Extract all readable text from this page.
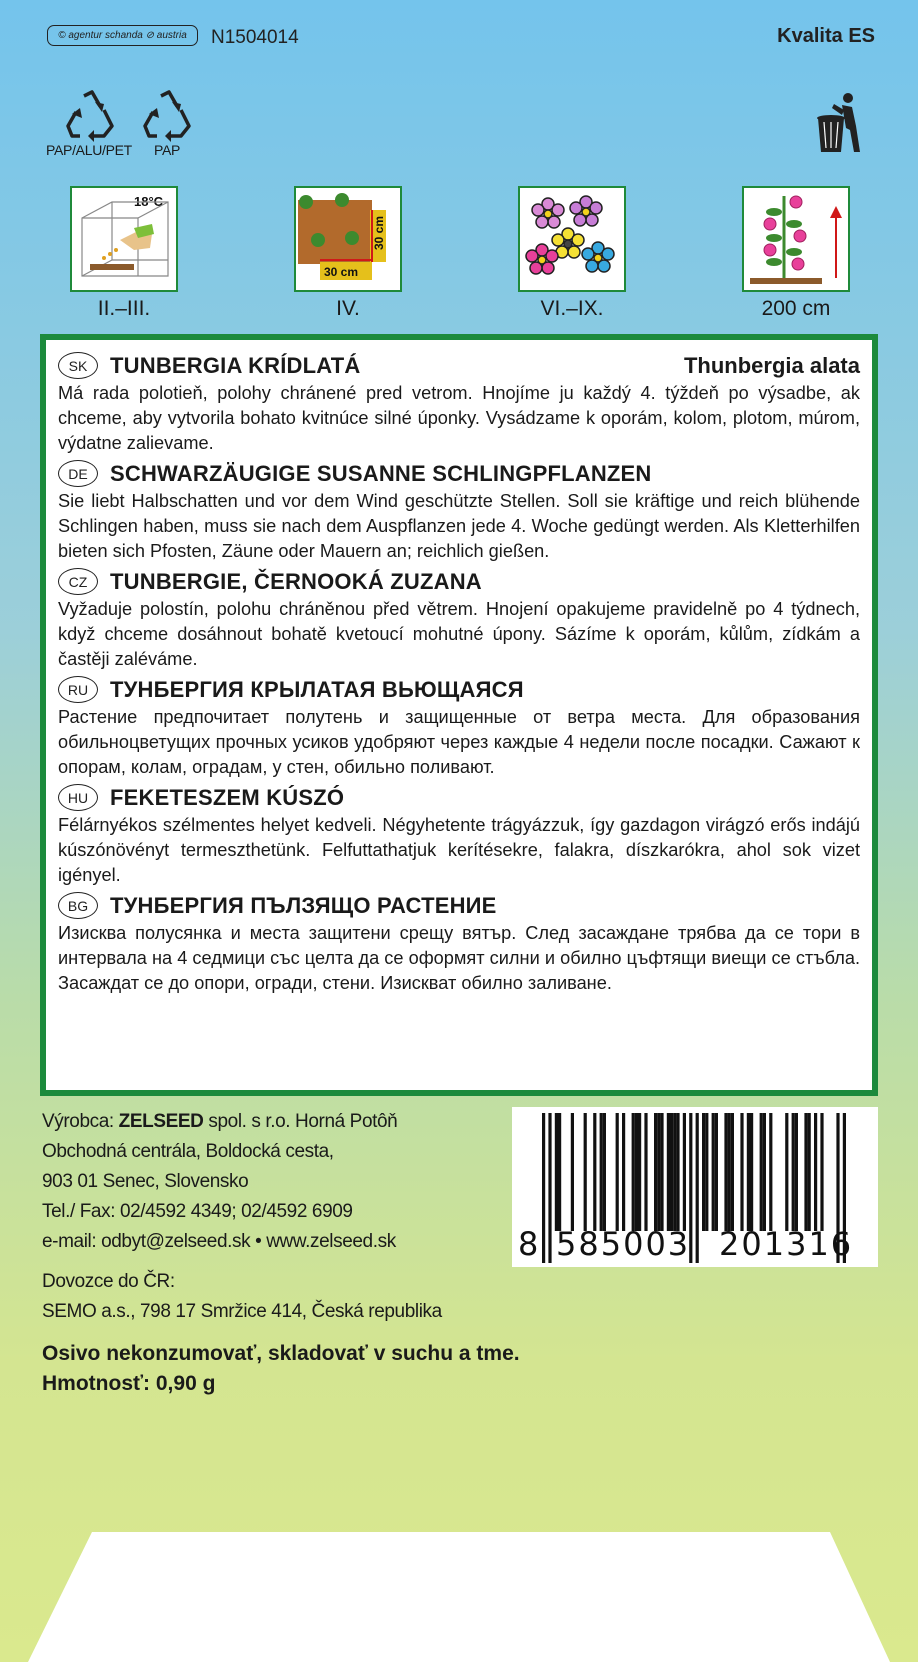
© agentur schanda ⊘ austria N1504014	Kvalita ES
PAP/ALU/PET PAP
18°C
30 cm
30 cm
II.–III.	IV.	VI.–IX.	200 cm
SK	TUNBERGIA KRÍDLATÁ	Thunbergia alata
Má rada polotieň, polohy chránené pred vetrom. Hnojíme ju každý 4. týždeň po výsadbe, ak chceme, aby vytvorila bohato kvitnúce silné úponky. Vysádzame k oporám, kolom, plotom, múrom, výdatne zalievame.
DE	SCHWARZÄUGIGE SUSANNE SCHLINGPFLANZEN
Sie liebt Halbschatten und vor dem Wind geschützte Stellen. Soll sie kräftige und reich blühende Schlingen haben, muss sie nach dem Auspflanzen jede 4. Woche gedüngt werden. Als Kletterhilfen bieten sich Pfosten, Zäune oder Mauern an; reichlich gießen.
CZ	TUNBERGIE, ČERNOOKÁ ZUZANA
Vyžaduje polostín, polohu chráněnou před větrem. Hnojení opakujeme pravidelně po 4 týdnech, když chceme dosáhnout bohatě kvetoucí mohutné úpony. Sázíme k oporám, kůlům, zídkám a častěji zaléváme.
RU ТУНБЕРГИЯ КРЫЛАТАЯ ВЬЮЩАЯСЯ
Растение предпочитает полутень и защищенные от ветра места. Для образования обильноцветущих прочных усиков удобряют через каждые 4 недели после посадки. Сажают к опорам, колам, оградам, у стен, обильно поливают.
HU FEKETESZEM KÚSZÓ
Félárnyékos szélmentes helyet kedveli. Négyhetente trágyázzuk, így gazdagon virágzó erős indájú kúszónövényt termeszthetünk. Felfuttathatjuk kerítésekre, falakra, díszkarókra, ahol sok vizet igényel.
BG ТУНБЕРГИЯ ПЪЛЗЯЩО РАСТЕНИЕ
Изисква полусянка и места защитени срещу вятър. След засаждане трябва да се тори в интервала на 4 седмици със целта да се оформят силни и обилно цъфтящи виещи се стъбла. Засаждат се до опори, огради, стени. Изискват обилно заливане.
Výrobca: ZELSEED spol. s r.o. Horná Potôň
Obchodná centrála, Boldocká cesta,
903 01 Senec, Slovensko
Tel./ Fax: 02/4592 4349; 02/4592 6909
e-mail: odbyt@zelseed.sk • www.zelseed.sk
Dovozce do ČR:
SEMO a.s., 798 17 Smržice 414, Česká republika
Osivo nekonzumovať, skladovať v suchu a tme.
Hmotnosť: 0,90 g
8 585003 201316
